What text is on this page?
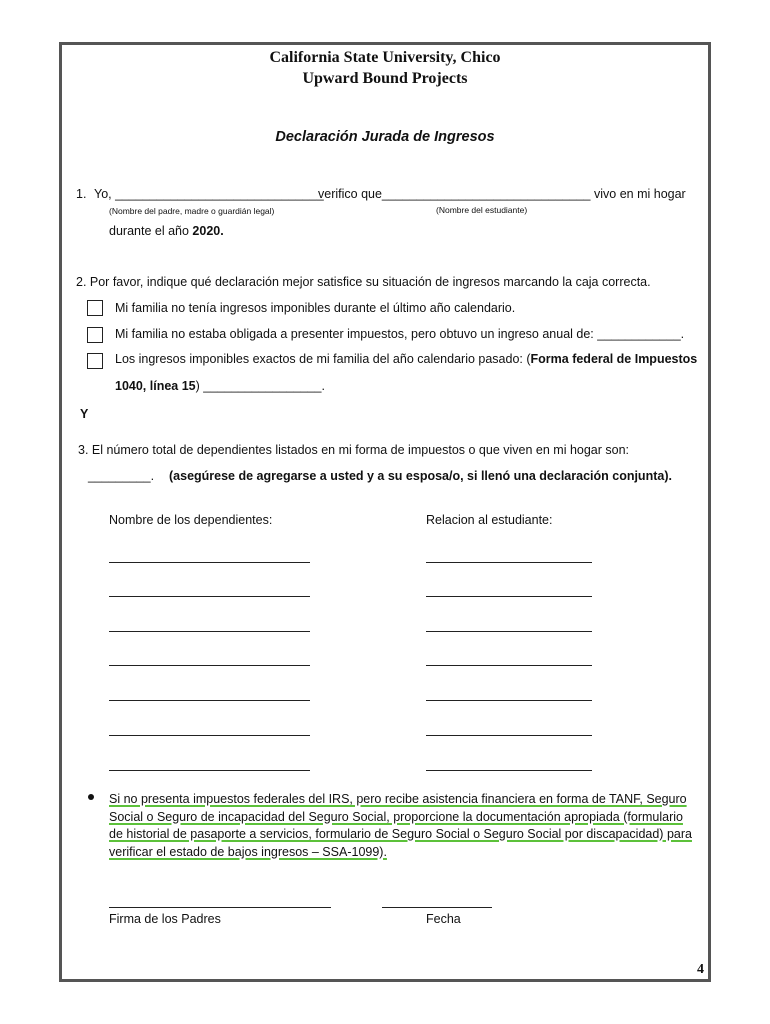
California State University, Chico
Upward Bound Projects
Declaración Jurada de Ingresos
1. Yo, ______________________________
verifico que______________________________ vivo en mi hogar
(Nombre del padre, madre o guardián legal)	(Nombre del estudiante)
durante el año 2020.
2. Por favor, indique qué declaración mejor satisfice su situación de ingresos marcando la caja correcta.
Mi familia no tenía ingresos imponibles durante el último año calendario.
Mi familia no estaba obligada a presenter impuestos, pero obtuvo un ingreso anual de: ____________.
Los ingresos imponibles exactos de mi familia del año calendario pasado: (Forma federal de Impuestos
1040, línea 15) _________________.
Y
3. El número total de dependientes listados en mi forma de impuestos o que viven en mi hogar son:
_________. (asegúrese de agregarse a usted y a su esposa/o, si llenó una declaración conjunta).
Nombre de los dependientes:	Relacion al estudiante:
Si no presenta impuestos federales del IRS, pero recibe asistencia financiera en forma de TANF, Seguro
Social o Seguro de incapacidad del Seguro Social, proporcione la documentación apropiada (formulario
de historial de pasaporte a servicios, formulario de Seguro Social o Seguro Social por discapacidad) para
verificar el estado de bajos ingresos – SSA-1099).
Firma de los Padres	Fecha
4
